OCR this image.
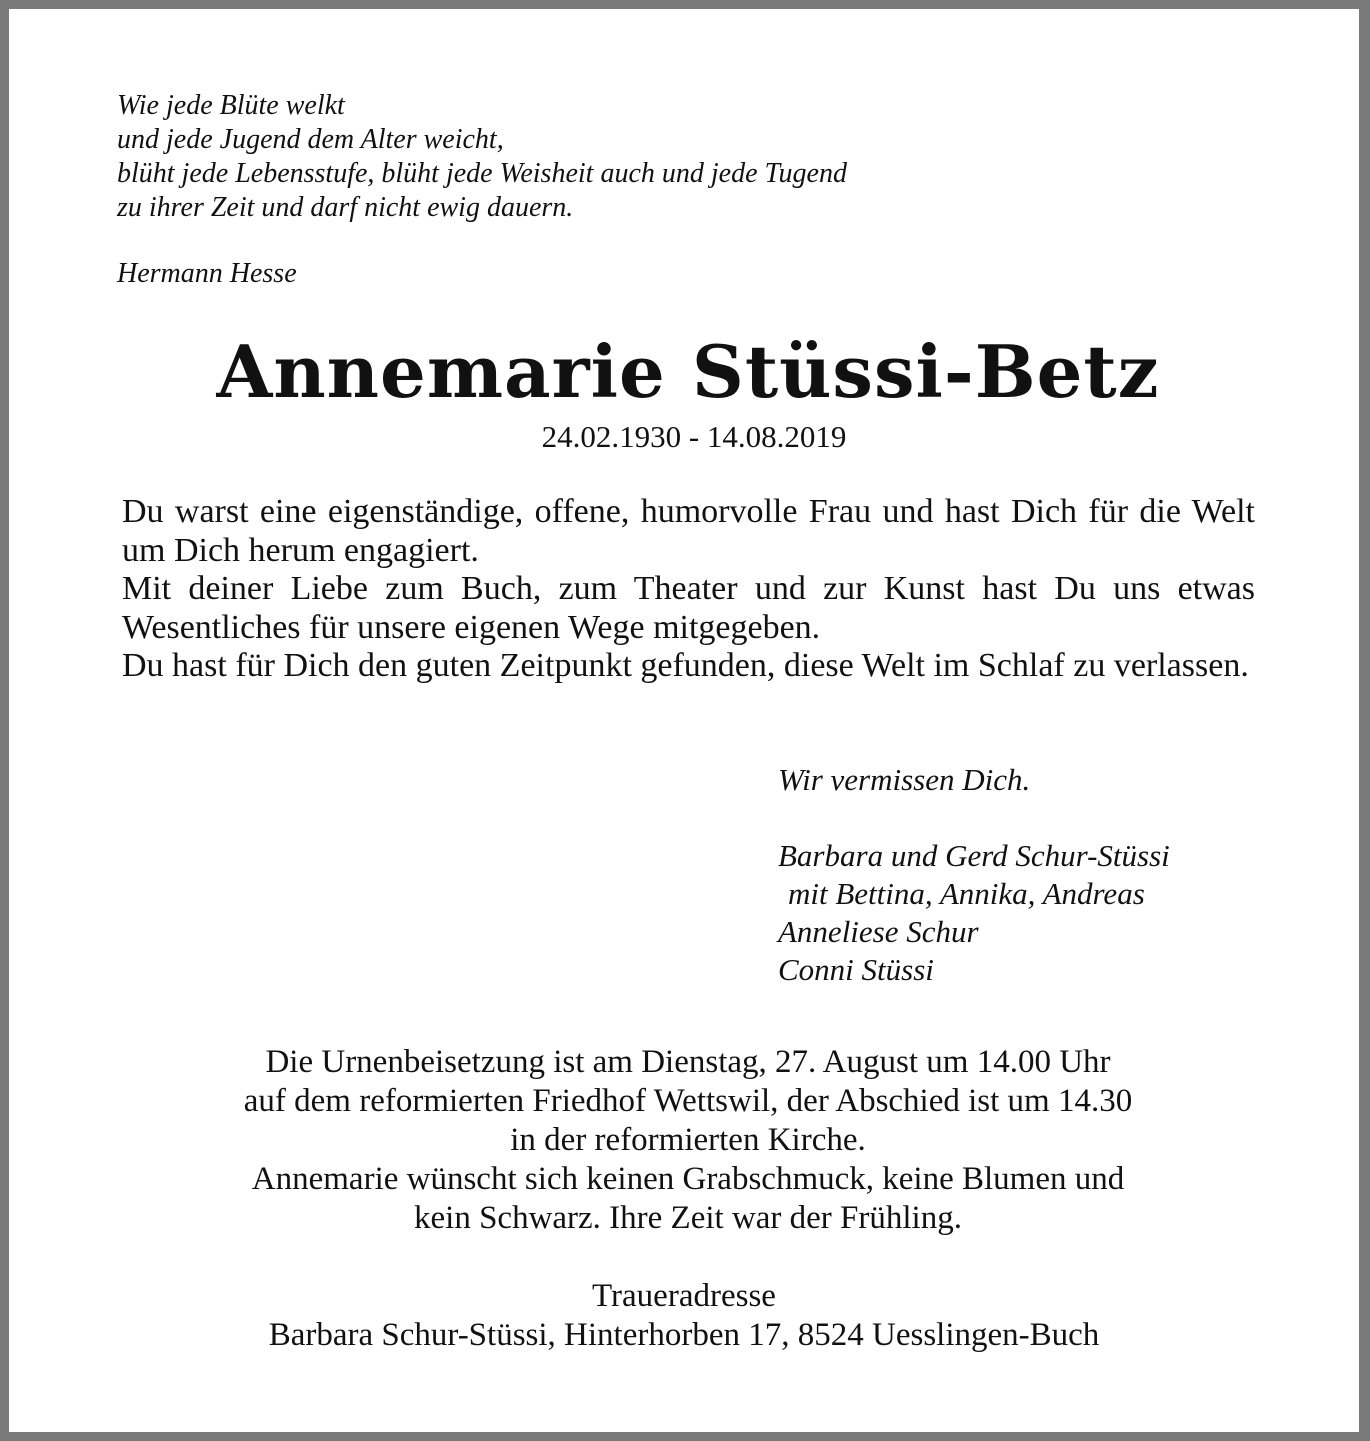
Wie jede Blüte welkt
und jede Jugend dem Alter weicht,
blüht jede Lebensstufe, blüht jede Weisheit auch und jede Tugend
zu ihrer Zeit und darf nicht ewig dauern.
Hermann Hesse
Annemarie Stüssi-Betz
24.02.1930 - 14.08.2019

Du warst eine eigenständige, offene, humorvolle Frau und hast Dich für die Welt um Dich herum engagiert.

Mit deiner Liebe zum Buch, zum Theater und zur Kunst hast Du uns etwas Wesentliches für unsere eigenen Wege mitgegeben.

Du hast für Dich den guten Zeitpunkt gefunden, diese Welt im Schlaf zu verlassen.

Wir vermissen Dich.
Barbara und Gerd Schur-Stüssi
mit Bettina, Annika, Andreas
Anneliese Schur
Conni Stüssi
Die Urnenbeisetzung ist am Dienstag, 27. August um 14.00 Uhr
auf dem reformierten Friedhof Wettswil, der Abschied ist um 14.30
in der reformierten Kirche.
Annemarie wünscht sich keinen Grabschmuck, keine Blumen und
kein Schwarz. Ihre Zeit war der Frühling.
Traueradresse
Barbara Schur-Stüssi, Hinterhorben 17, 8524 Uesslingen-Buch
